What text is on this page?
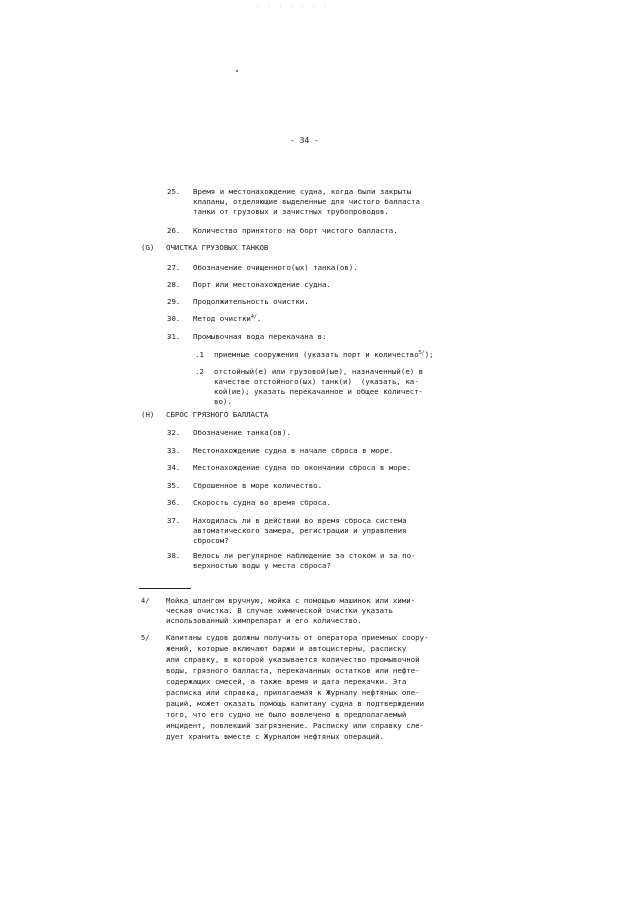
· · · · · · ·
- 34 -
25.	Время и местонахождение судна, когда были закрыты
клапаны, отделяющие выделенные для чистого балласта
танки от грузовых и зачистных трубопроводов.
26.	Количество принятого на борт чистого балласта.
(G) ОЧИСТКА ГРУЗОВЫХ ТАНКОВ
27.	Обозначение очищенного(ых) танка(ов).
28.	Порт или местонахождение судна.
29.	Продолжительность очистки.
30.	Метод очистки$^{4/}$.
31.	Промывочная вода перекачана в:
.1	приемные сооружения (указать порт и количество$^{5/}$);
.2	отстойный(е) или грузовой(ые), назначенный(е) в
качестве отстойного(ых) танк(и)  (указать, ка-
кой(ие); указать перекачанное и общее количест-
во).
(H) СБРОС ГРЯЗНОГО БАЛЛАСТА
32.	Обозначение танка(ов).
33.	Местонахождение судна в начале сброса в море.
34.	Местонахождение судна по окончании сброса в море.
35.	Сброшенное в море количество.
36.	Скорость судна во время сброса.
37.	Находилась ли в действии во время сброса система
автоматического замера, регистрации и управления
сбросом?
38.	Велось ли регулярное наблюдение за стоком и за по-
верхностью воды у места сброса?
4/ Мойка шлангом вручную, мойка с помощью машинок или хими-
ческая очистка. В случае химической очистки указать
использованный химпрепарат и его количество.
5/ Капитаны судов должны получить от оператора приемных соору-
жений, которые включают баржи и автоцистерны, расписку
или справку, в которой указывается количество промывочной
воды, грязного балласта, перекачанных остатков или нефте-
содержащих смесей, а также время и дата перекачки. Эта
расписка или справка, прилагаемая к Журналу нефтяных опе-
раций, может оказать помощь капитану судна в подтверждении
того, что его судно не было вовлечено в предполагаемый
инцидент, повлекший загрязнение. Расписку или справку сле-
дует хранить вместе с Журналом нефтяных операций.
